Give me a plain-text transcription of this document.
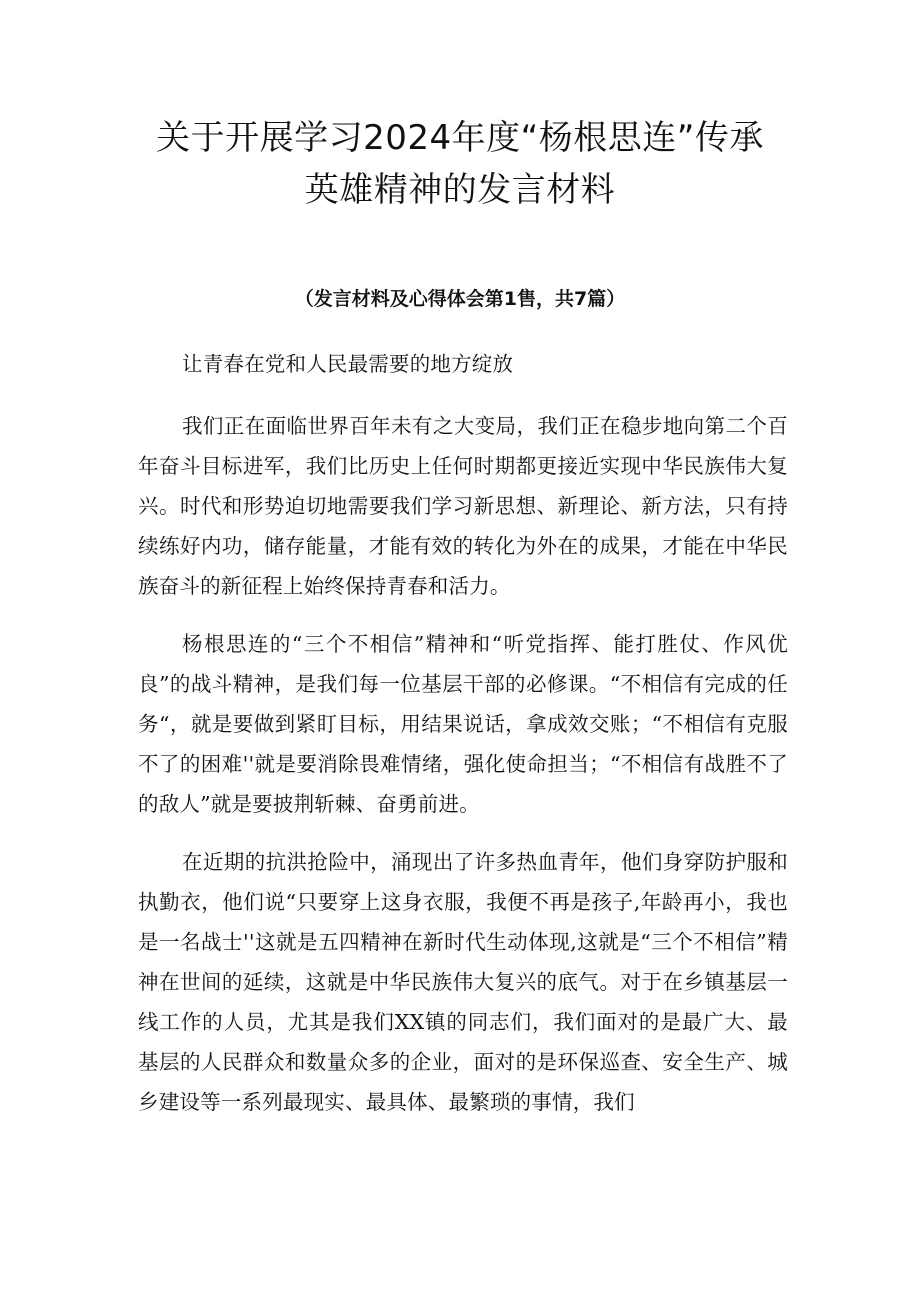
关于开展学习2024年度“杨根思连”传承
英雄精神的发言材料

（发言材料及心得体会第1售，共7篇）

让青春在党和人民最需要的地方绽放

我们正在面临世界百年未有之大变局，我们正在稳步地向第二个百年奋斗目标进军，我们比历史上任何时期都更接近实现中华民族伟大复兴。时代和形势迫切地需要我们学习新思想、新理论、新方法，只有持续练好内功，储存能量，才能有效的转化为外在的成果，才能在中华民族奋斗的新征程上始终保持青春和活力。

杨根思连的“三个不相信”精神和“听党指挥、能打胜仗、作风优良”的战斗精神，是我们每一位基层干部的必修课。“不相信有完成的任务“，就是要做到紧盯目标，用结果说话，拿成效交账；“不相信有克服不了的困难''就是要消除畏难情绪，强化使命担当；“不相信有战胜不了的敌人”就是要披荆斩棘、奋勇前进。

在近期的抗洪抢险中，涌现出了许多热血青年，他们身穿防护服和执勤衣，他们说“只要穿上这身衣服，我便不再是孩子,年龄再小，我也是一名战士''这就是五四精神在新时代生动体现,这就是“三个不相信”精神在世间的延续，这就是中华民族伟大复兴的底气。对于在乡镇基层一线工作的人员，尤其是我们XX镇的同志们，我们面对的是最广大、最基层的人民群众和数量众多的企业，面对的是环保巡查、安全生产、城乡建设等一系列最现实、最具体、最繁琐的事情，我们
